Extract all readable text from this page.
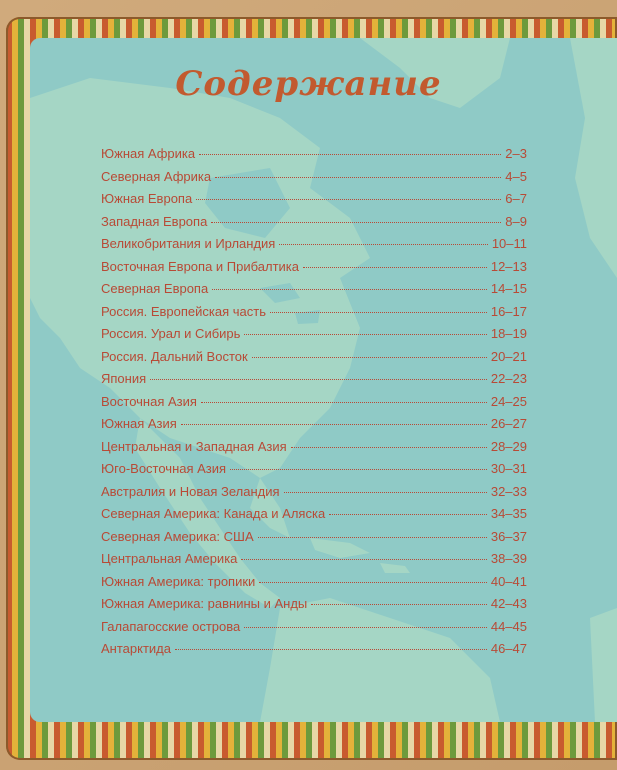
Содержание
Южная Африка	2–3
Северная Африка	4–5
Южная Европа	6–7
Западная Европа	8–9
Великобритания и Ирландия	10–11
Восточная Европа и Прибалтика	12–13
Северная Европа	14–15
Россия. Европейская часть	16–17
Россия. Урал и Сибирь	18–19
Россия. Дальний Восток	20–21
Япония	22–23
Восточная Азия	24–25
Южная Азия	26–27
Центральная и Западная Азия	28–29
Юго-Восточная Азия	30–31
Австралия и Новая Зеландия	32–33
Северная Америка: Канада и Аляска	34–35
Северная Америка: США	36–37
Центральная Америка	38–39
Южная Америка: тропики	40–41
Южная Америка: равнины и Анды	42–43
Галапагосские острова	44–45
Антарктида	46–47
